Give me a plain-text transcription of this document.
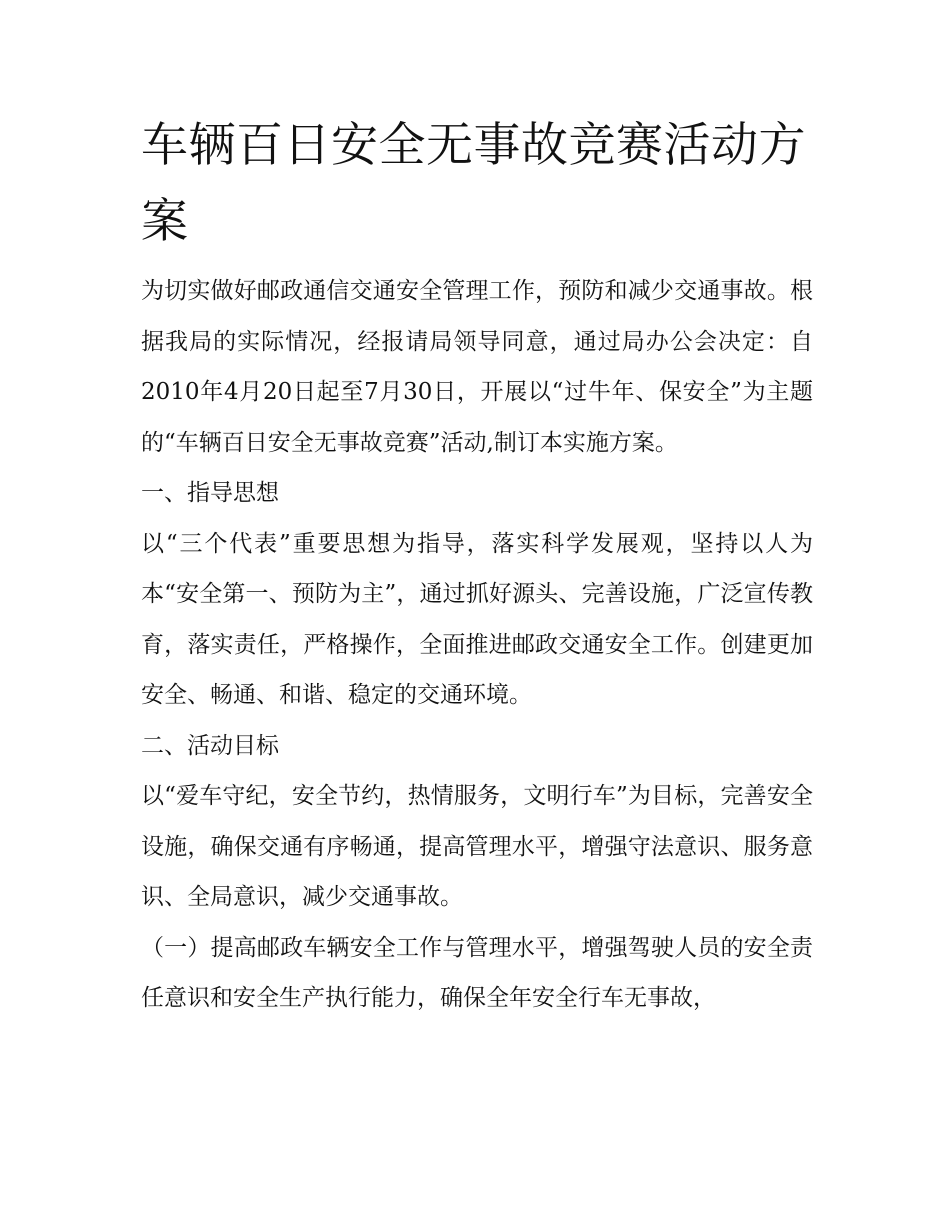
车辆百日安全无事故竞赛活动方案

为切实做好邮政通信交通安全管理工作，预防和减少交通事故。根据我局的实际情况，经报请局领导同意，通过局办公会决定：自2010年4月20日起至7月30日，开展以“过牛年、保安全”为主题的“车辆百日安全无事故竞赛”活动,制订本实施方案。

一、指导思想

以“三个代表”重要思想为指导，落实科学发展观，坚持以人为本“安全第一、预防为主”，通过抓好源头、完善设施，广泛宣传教育，落实责任，严格操作，全面推进邮政交通安全工作。创建更加安全、畅通、和谐、稳定的交通环境。

二、活动目标

以“爱车守纪，安全节约，热情服务，文明行车”为目标，完善安全设施，确保交通有序畅通，提高管理水平，增强守法意识、服务意识、全局意识，减少交通事故。

（一）提高邮政车辆安全工作与管理水平，增强驾驶人员的安全责任意识和安全生产执行能力，确保全年安全行车无事故，
